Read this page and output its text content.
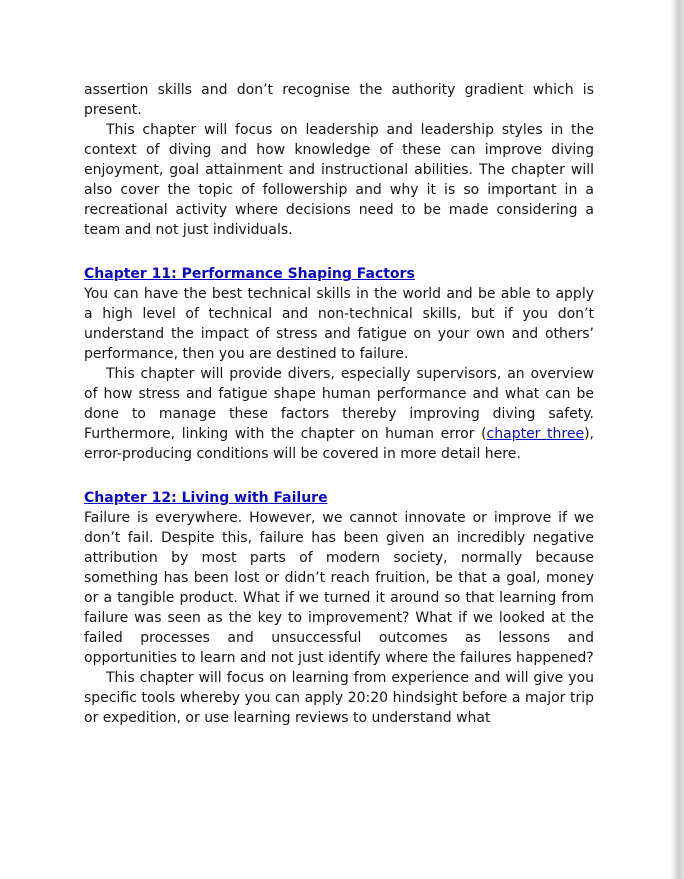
assertion skills and don’t recognise the authority gradient which is present.

This chapter will focus on leadership and leadership styles in the context of diving and how knowledge of these can improve diving enjoyment, goal attainment and instructional abilities. The chapter will also cover the topic of followership and why it is so important in a recreational activity where decisions need to be made considering a team and not just individuals.

Chapter 11: Performance Shaping Factors

You can have the best technical skills in the world and be able to apply a high level of technical and non-technical skills, but if you don’t understand the impact of stress and fatigue on your own and others’ performance, then you are destined to failure.

This chapter will provide divers, especially supervisors, an overview of how stress and fatigue shape human performance and what can be done to manage these factors thereby improving diving safety. Furthermore, linking with the chapter on human error (chapter three), error-producing conditions will be covered in more detail here.

Chapter 12: Living with Failure

Failure is everywhere. However, we cannot innovate or improve if we don’t fail. Despite this, failure has been given an incredibly negative attribution by most parts of modern society, normally because something has been lost or didn’t reach fruition, be that a goal, money or a tangible product. What if we turned it around so that learning from failure was seen as the key to improvement? What if we looked at the failed processes and unsuccessful outcomes as lessons and opportunities to learn and not just identify where the failures happened?

This chapter will focus on learning from experience and will give you specific tools whereby you can apply 20:20 hindsight before a major trip or expedition, or use learning reviews to understand what
